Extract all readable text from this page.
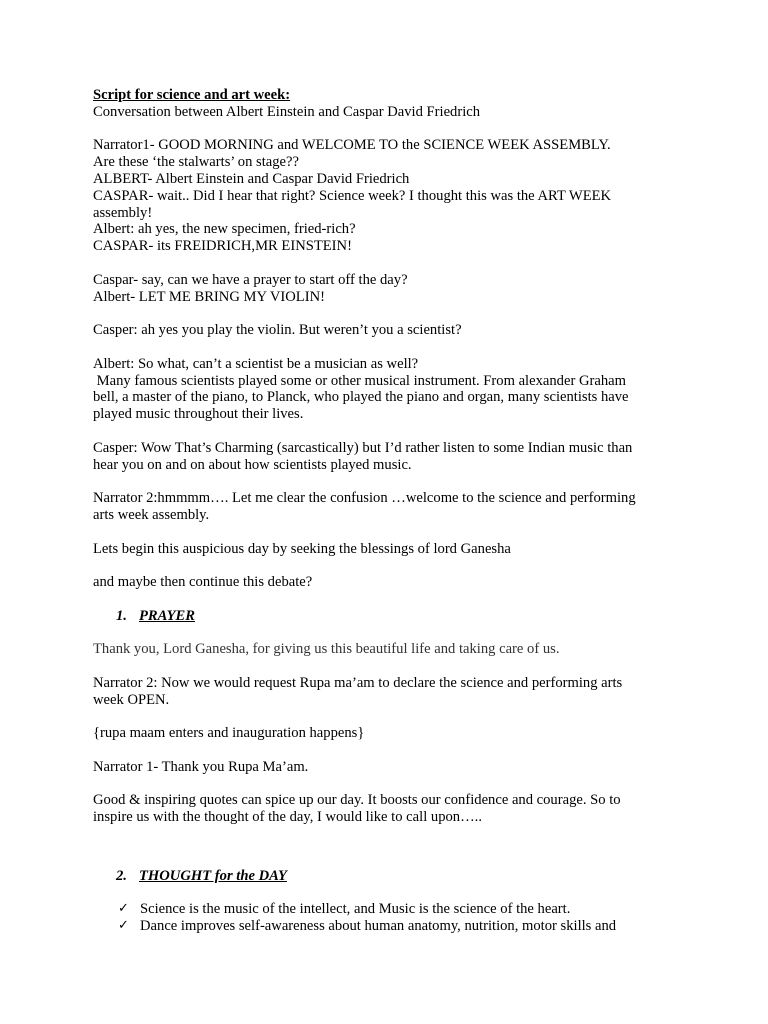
Script for science and art week:

Conversation between Albert Einstein and Caspar David Friedrich

Narrator1- GOOD MORNING and WELCOME TO the SCIENCE WEEK ASSEMBLY.

Are these ‘the stalwarts’ on stage??

ALBERT- Albert Einstein and Caspar David Friedrich

CASPAR- wait.. Did I hear that right? Science week? I thought this was the ART WEEK

assembly!

Albert: ah yes, the new specimen, fried-rich?

CASPAR- its FREIDRICH,MR EINSTEIN!

Caspar- say, can we have a prayer to start off the day?

Albert- LET ME BRING MY VIOLIN!

Casper: ah yes you play the violin. But weren’t you a scientist?

Albert: So what, can’t a scientist be a musician as well?

Many famous scientists played some or other musical instrument. From alexander Graham

bell, a master of the piano, to Planck, who played the piano and organ, many scientists have

played music throughout their lives.

Casper: Wow That’s Charming (sarcastically) but I’d rather listen to some Indian music than

hear you on and on about how scientists played music.

Narrator 2:hmmmm…. Let me clear the confusion …welcome to the science and performing

arts week assembly.

Lets begin this auspicious day by seeking the blessings of lord Ganesha

and maybe then continue this debate?

1. PRAYER

Thank you, Lord Ganesha, for giving us this beautiful life and taking care of us.

Narrator 2: Now we would request Rupa ma’am to declare the science and performing arts

week OPEN.

{rupa maam enters and inauguration happens}

Narrator 1- Thank you Rupa Ma’am.

Good & inspiring quotes can spice up our day. It boosts our confidence and courage. So to

inspire us with the thought of the day, I would like to call upon…..

2. THOUGHT for the DAY
✓ Science is the music of the intellect, and Music is the science of the heart.
✓ Dance improves self-awareness about human anatomy, nutrition, motor skills and
